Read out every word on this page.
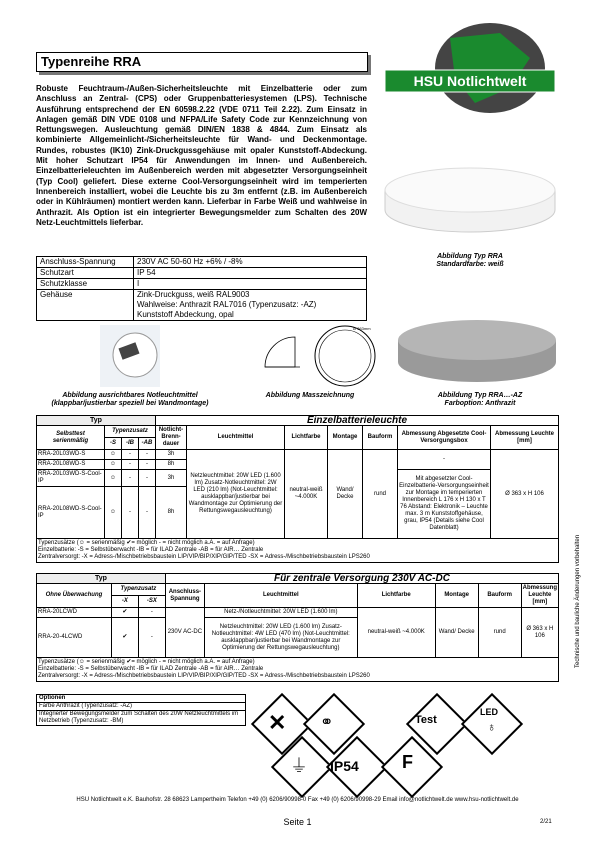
Typenreihe RRA
HSU Notlichtwelt
Robuste Feuchtraum-/Außen-Sicherheitsleuchte mit Einzelbatterie oder zum Anschluss an Zentral- (CPS) oder Gruppenbatteriesystemen (LPS). Technische Ausführung entsprechend der EN 60598.2.22 (VDE 0711 Teil 2.22). Zum Einsatz in Anlagen gemäß DIN VDE 0108 und NFPA/Life Safety Code zur Kennzeichnung von Rettungswegen. Ausleuchtung gemäß DIN/EN 1838 & 4844. Zum Einsatz als kombinierte Allgemeinlicht-/Sicherheitsleuchte für Wand- und Deckenmontage. Rundes, robustes (IK10) Zink-Druckgussgehäuse mit opaler Kunststoff-Abdeckung. Mit hoher Schutzart IP54 für Anwendungen im Innen- und Außenbereich. Einzelbatterieleuchten im Außenbereich werden mit abgesetzter Versorgungseinheit (Typ Cool) geliefert. Diese externe Cool-Versorgungseinheit wird im temperierten Innenbereich installiert, wobei die Leuchte bis zu 3m entfernt (z.B. im Außenbereich oder in Kühlräumen) montiert werden kann. Lieferbar in Farbe Weiß und wahlweise in Anthrazit. Als Option ist ein integrierter Bewegungsmelder zum Schalten des 20W Netz-Leuchtmittels lieferbar.
Anschluss-Spannung	230V AC 50-60 Hz +6% / -8%
Schutzart	IP 54
Schutzklasse	I
Gehäuse	Zink-Druckguss, weiß RAL9003
Wahlweise: Anthrazit RAL7016 (Typenzusatz: -AZ)
Kunststoff Abdeckung, opal
Abbildung Typ RRA
Standardfarbe: weiß
Abbildung ausrichtbares Notleuchtmittel
(klappbar/justierbar speziell bei Wandmontage)
Ø 363mm
Abbildung Masszeichnung	Abbildung Typ RRA…-AZ
Farboption: Anthrazit
Typ				Einzelbatterieleuchte						
Selbsttest serienmäßig	Typenzusatz			Notlicht-Brenn-dauer	Leuchtmittel	Lichtfarbe	Montage	Bauform	Abmessung Abgesetzte Cool-Versorgungsbox	Abmessung Leuchte [mm]
	-S	-IB	-AB							
RRA-20L03WD-S	☺	-	-	3h	Netzleuchtmittel: 20W LED (1.600 lm) Zusatz-Notleuchtmittel: 2W LED (210 lm) (Not-Leuchtmittel: ausklappbar/justierbar bei Wandmontage zur Optimierung der Rettungswegausleuchtung)	neutral-weiß ~4.000K	Wand/ Decke	rund	-	Ø 363 x H 106
RRA-20L08WD-S	☺	-	-	8h						
RRA-20L03WD-S-Cool-IP	☺	-	-	3h					Mit abgesetzter Cool-Einzelbatterie-Versorgungseinheit zur Montage im temperierten Innenbereich L 176 x H 130 x T 76 Abstand: Elektronik – Leuchte max. 3 m Kunststoffgehäuse, grau, IP54 (Details siehe Cool Datenblatt)	
RRA-20L08WD-S-Cool-IP	☺	-	-	8h						

Typenzusätze (☺ = serienmäßig ✔= möglich - = nicht möglich a.A. = auf Anfrage)
Einzelbatterie: -S = Selbstüberwacht -IB = für ILAD Zentrale -AB = für AIR… Zentrale
Zentralversorgt: -X = Adress-/Mischbetriebsbaustein LIP/VIP/BIP/XIP/GIP/TED -SX = Adress-/Mischbetriebsbaustein LPS260										
Typ			Für zentrale Versorgung 230V AC-DC					
Ohne Überwachung	Typenzusatz		Anschluss-Spannung	Leuchtmittel	Lichtfarbe	Montage	Bauform	Abmessung Leuchte [mm]
	-X	-SX						
RRA-20LCWD	✔	-	230V AC-DC	Netz-/Notleuchtmittel: 20W LED (1.600 lm)	neutral-weiß ~4.000K	Wand/ Decke	rund	Ø 363 x H 106
RRA-20-4LCWD	✔	-		Netzleuchtmittel: 20W LED (1.600 lm) Zusatz-Notleuchtmittel: 4W LED (470 lm) (Not-Leuchtmittel: ausklappbar/justierbar bei Wandmontage zur Optimierung der Rettungswegausleuchtung)				

Typenzusätze (☺ = serienmäßig ✔= möglich - = nicht möglich a.A. = auf Anfrage)
Einzelbatterie: -S = Selbstüberwacht -IB = für ILAD Zentrale -AB = für AIR… Zentrale
Zentralversorgt: -X = Adress-/Mischbetriebsbaustein LIP/VIP/BIP/XIP/GIP/TED -SX = Adress-/Mischbetriebsbaustein LPS260								
Optionen
Farbe Anthrazit (Typenzusatz: -AZ)
Integrierter Bewegungsmelder zum Schalten des 20W Netzleuchtmittels im Netzbetrieb (Typenzusatz: -BM)	✕ ⚭	Test
LED
♁
⏚ IP54 F
Technische und bauliche Änderungen vorbehalten
HSU Notlichtwelt e.K. Bauhofstr. 28 68623 Lampertheim Telefon +49 (0) 6206/90998-0 Fax +49 (0) 6206/90998-29 Email info@notlichtwelt.de www.hsu-notlichtwelt.de
Seite 1	2/21
